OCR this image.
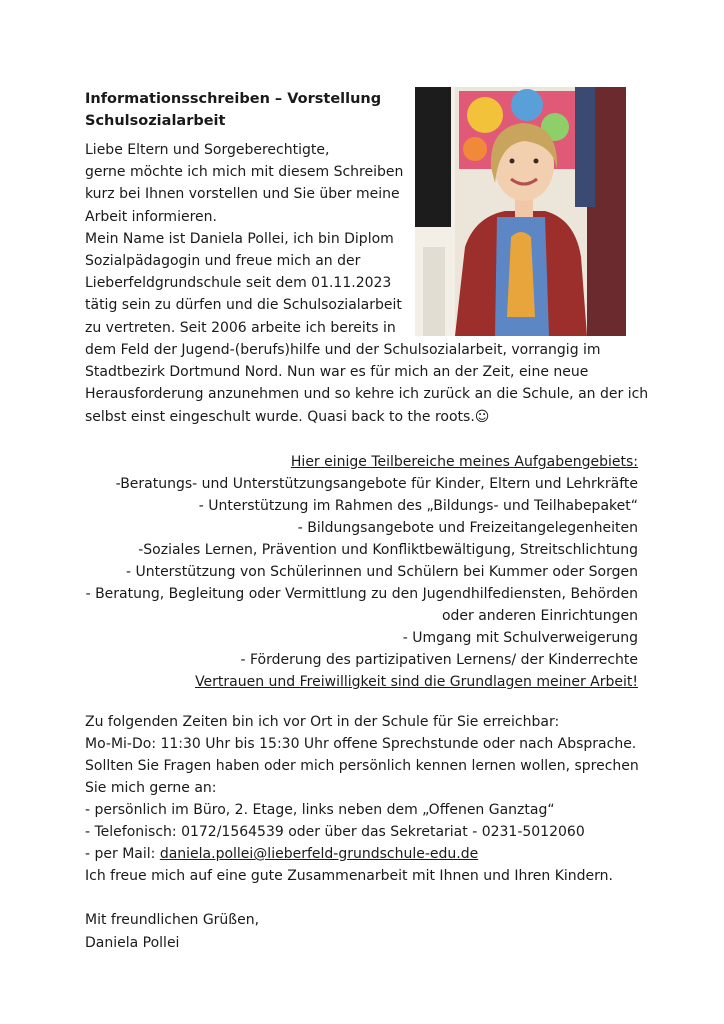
Informationsschreiben – Vorstellung
Schulsozialarbeit
Liebe Eltern und Sorgeberechtigte,
gerne möchte ich mich mit diesem Schreiben
kurz bei Ihnen vorstellen und Sie über meine
Arbeit informieren.
Mein Name ist Daniela Pollei, ich bin Diplom
Sozialpädagogin und freue mich an der
Lieberfeldgrundschule seit dem 01.11.2023
tätig sein zu dürfen und die Schulsozialarbeit
zu vertreten. Seit 2006 arbeite ich bereits in
dem Feld der Jugend-(berufs)hilfe und der Schulsozialarbeit, vorrangig im
Stadtbezirk Dortmund Nord. Nun war es für mich an der Zeit, eine neue
Herausforderung anzunehmen und so kehre ich zurück an die Schule, an der ich
selbst einst eingeschult wurde. Quasi back to the roots.☺
Hier einige Teilbereiche meines Aufgabengebiets:
-Beratungs- und Unterstützungsangebote für Kinder, Eltern und Lehrkräfte
- Unterstützung im Rahmen des „Bildungs- und Teilhabepaket“
- Bildungsangebote und Freizeitangelegenheiten
-Soziales Lernen, Prävention und Konfliktbewältigung, Streitschlichtung
- Unterstützung von Schülerinnen und Schülern bei Kummer oder Sorgen
- Beratung, Begleitung oder Vermittlung zu den Jugendhilfediensten, Behörden
oder anderen Einrichtungen
- Umgang mit Schulverweigerung
- Förderung des partizipativen Lernens/ der Kinderrechte
Vertrauen und Freiwilligkeit sind die Grundlagen meiner Arbeit!
Zu folgenden Zeiten bin ich vor Ort in der Schule für Sie erreichbar:
Mo-Mi-Do: 11:30 Uhr bis 15:30 Uhr offene Sprechstunde oder nach Absprache.
Sollten Sie Fragen haben oder mich persönlich kennen lernen wollen, sprechen
Sie mich gerne an:
- persönlich im Büro, 2. Etage, links neben dem „Offenen Ganztag“
- Telefonisch: 0172/1564539 oder über das Sekretariat - 0231-5012060
- per Mail: daniela.pollei@lieberfeld-grundschule-edu.de
Ich freue mich auf eine gute Zusammenarbeit mit Ihnen und Ihren Kindern.
Mit freundlichen Grüßen,
Daniela Pollei
